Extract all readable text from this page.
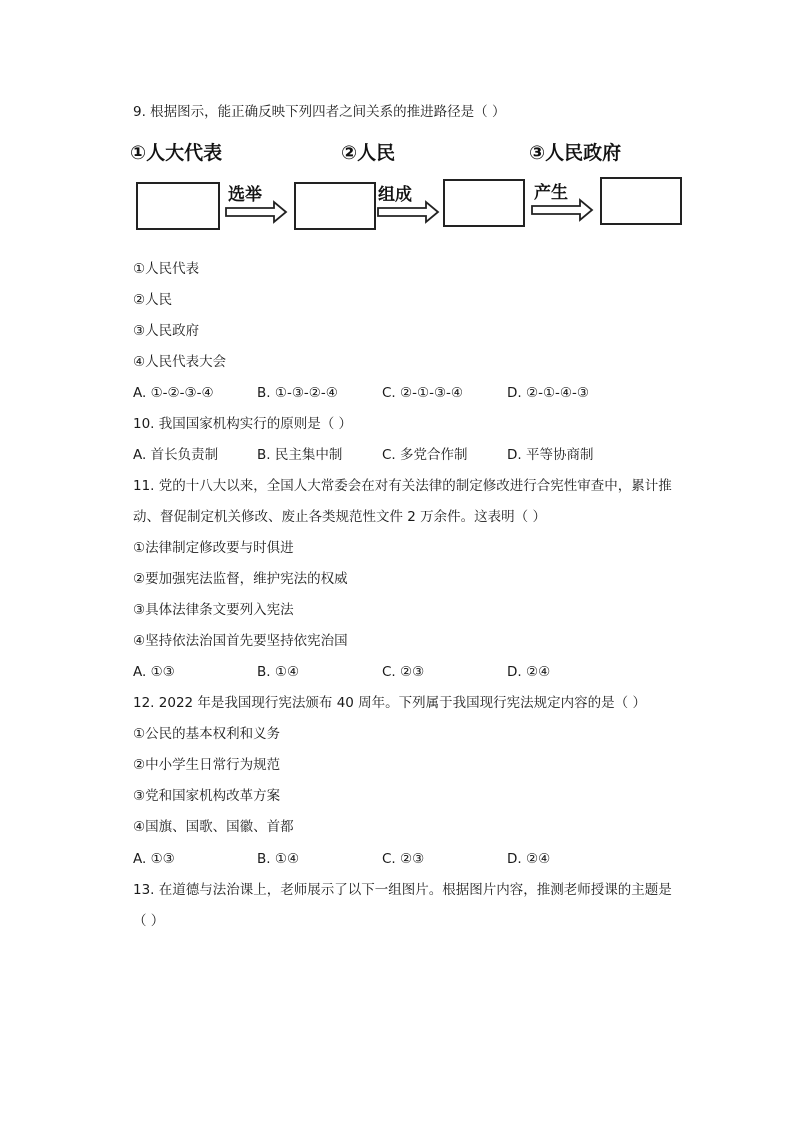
9. 根据图示，能正确反映下列四者之间关系的推进路径是（ ）
①人大代表	②人民	③人民政府
选举	组成	产生
①人民代表
②人民
③人民政府
④人民代表大会
A. ①-②-③-④	B. ①-③-②-④	C. ②-①-③-④	D. ②-①-④-③
10. 我国国家机构实行的原则是（ ）
A. 首长负责制	B. 民主集中制	C. 多党合作制	D. 平等协商制
11. 党的十八大以来，全国人大常委会在对有关法律的制定修改进行合宪性审查中，累计推
动、督促制定机关修改、废止各类规范性文件 2 万余件。这表明（ ）
①法律制定修改要与时俱进
②要加强宪法监督，维护宪法的权威
③具体法律条文要列入宪法
④坚持依法治国首先要坚持依宪治国
A. ①③	B. ①④	C. ②③	D. ②④
12. 2022 年是我国现行宪法颁布 40 周年。下列属于我国现行宪法规定内容的是（ ）
①公民的基本权利和义务
②中小学生日常行为规范
③党和国家机构改革方案
④国旗、国歌、国徽、首都
A. ①③	B. ①④	C. ②③	D. ②④
13. 在道德与法治课上，老师展示了以下一组图片。根据图片内容，推测老师授课的主题是
（ ）
